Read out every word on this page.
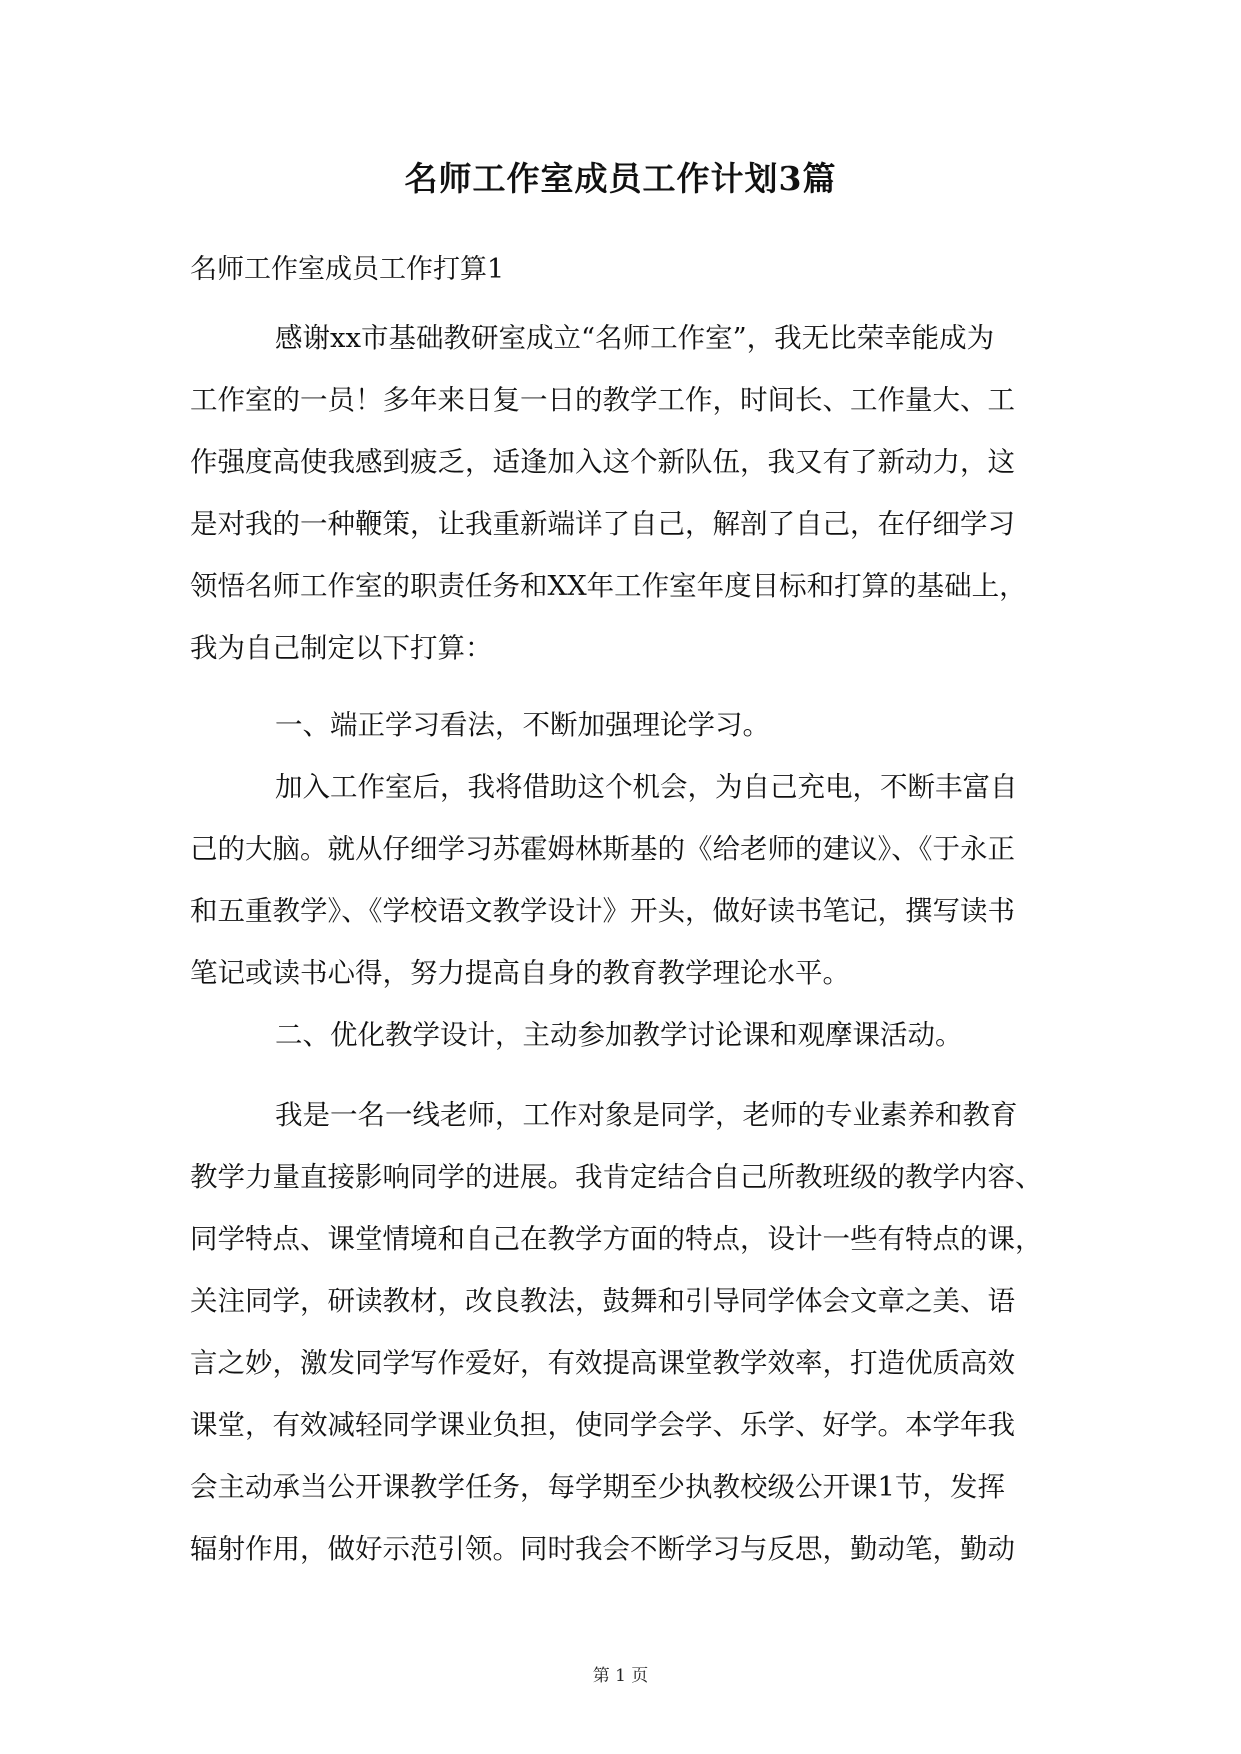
名师工作室成员工作计划3篇
名师工作室成员工作打算1
感谢xx市基础教研室成立“名师工作室”，我无比荣幸能成为
工作室的一员！多年来日复一日的教学工作，时间长、工作量大、工
作强度高使我感到疲乏，适逢加入这个新队伍，我又有了新动力，这
是对我的一种鞭策，让我重新端详了自己，解剖了自己，在仔细学习
领悟名师工作室的职责任务和XX年工作室年度目标和打算的基础上，
我为自己制定以下打算：
一、端正学习看法，不断加强理论学习。
加入工作室后，我将借助这个机会，为自己充电，不断丰富自
己的大脑。就从仔细学习苏霍姆林斯基的《给老师的建议》、《于永正
和五重教学》、《学校语文教学设计》开头，做好读书笔记，撰写读书
笔记或读书心得，努力提高自身的教育教学理论水平。
二、优化教学设计，主动参加教学讨论课和观摩课活动。
我是一名一线老师，工作对象是同学，老师的专业素养和教育
教学力量直接影响同学的进展。我肯定结合自己所教班级的教学内容、
同学特点、课堂情境和自己在教学方面的特点，设计一些有特点的课，
关注同学，研读教材，改良教法，鼓舞和引导同学体会文章之美、语
言之妙，激发同学写作爱好，有效提高课堂教学效率，打造优质高效
课堂，有效减轻同学课业负担，使同学会学、乐学、好学。本学年我
会主动承当公开课教学任务，每学期至少执教校级公开课1节，发挥
辐射作用，做好示范引领。同时我会不断学习与反思，勤动笔，勤动
第 1 页
